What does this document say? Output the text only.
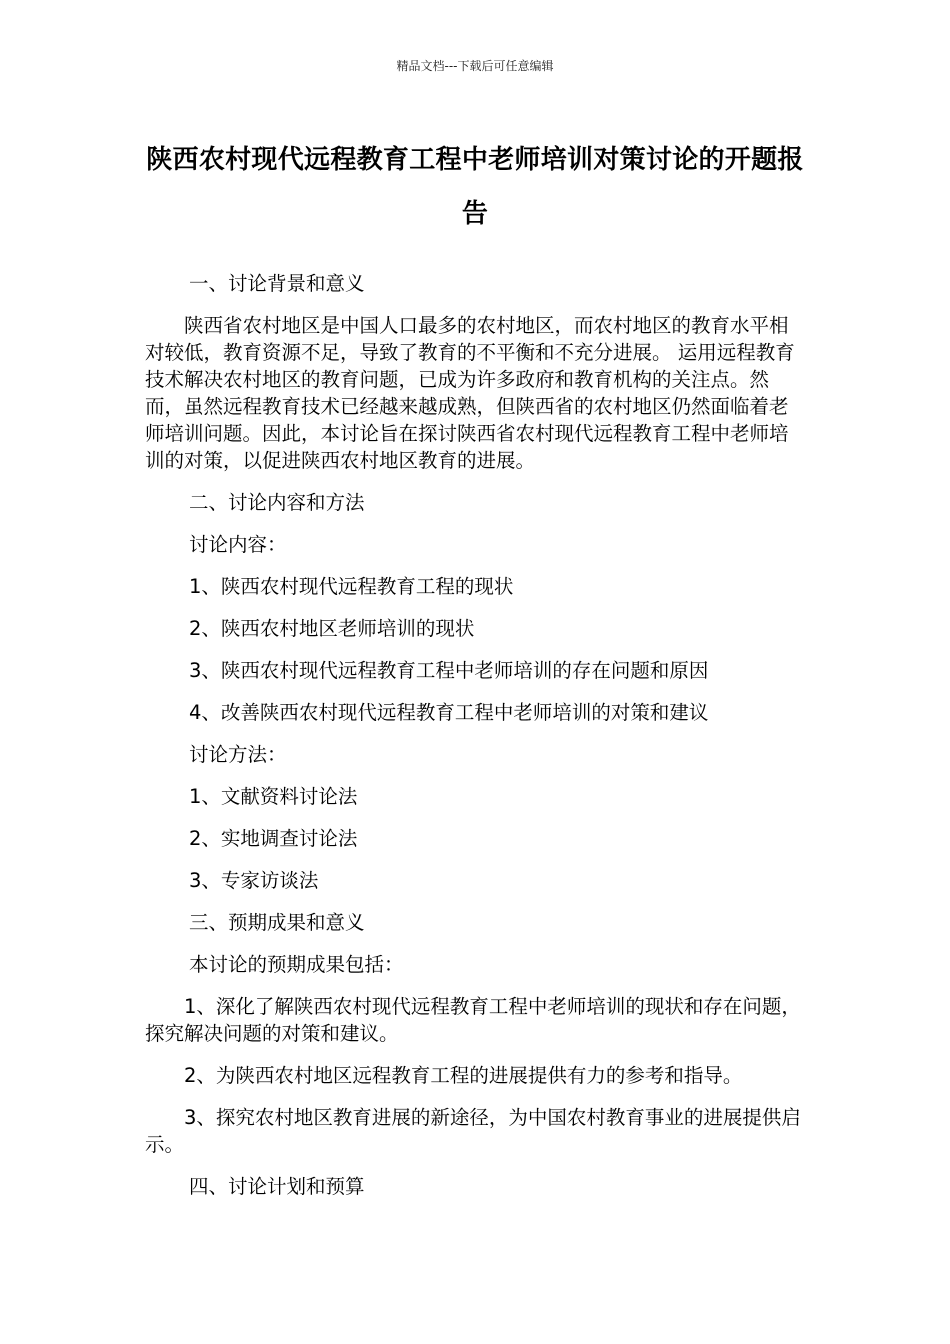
精品文档---下载后可任意编辑
陕西农村现代远程教育工程中老师培训对策讨论的开题报告

一、讨论背景和意义

陕西省农村地区是中国人口最多的农村地区，而农村地区的教育水平相对较低，教育资源不足，导致了教育的不平衡和不充分进展。 运用远程教育技术解决农村地区的教育问题，已成为许多政府和教育机构的关注点。然而，虽然远程教育技术已经越来越成熟，但陕西省的农村地区仍然面临着老师培训问题。因此，本讨论旨在探讨陕西省农村现代远程教育工程中老师培训的对策，以促进陕西农村地区教育的进展。

二、讨论内容和方法

讨论内容：

1、陕西农村现代远程教育工程的现状

2、陕西农村地区老师培训的现状

3、陕西农村现代远程教育工程中老师培训的存在问题和原因

4、改善陕西农村现代远程教育工程中老师培训的对策和建议

讨论方法：

1、文献资料讨论法

2、实地调查讨论法

3、专家访谈法

三、预期成果和意义

本讨论的预期成果包括：

1、深化了解陕西农村现代远程教育工程中老师培训的现状和存在问题，探究解决问题的对策和建议。

2、为陕西农村地区远程教育工程的进展提供有力的参考和指导。

3、探究农村地区教育进展的新途径，为中国农村教育事业的进展提供启示。

四、讨论计划和预算
